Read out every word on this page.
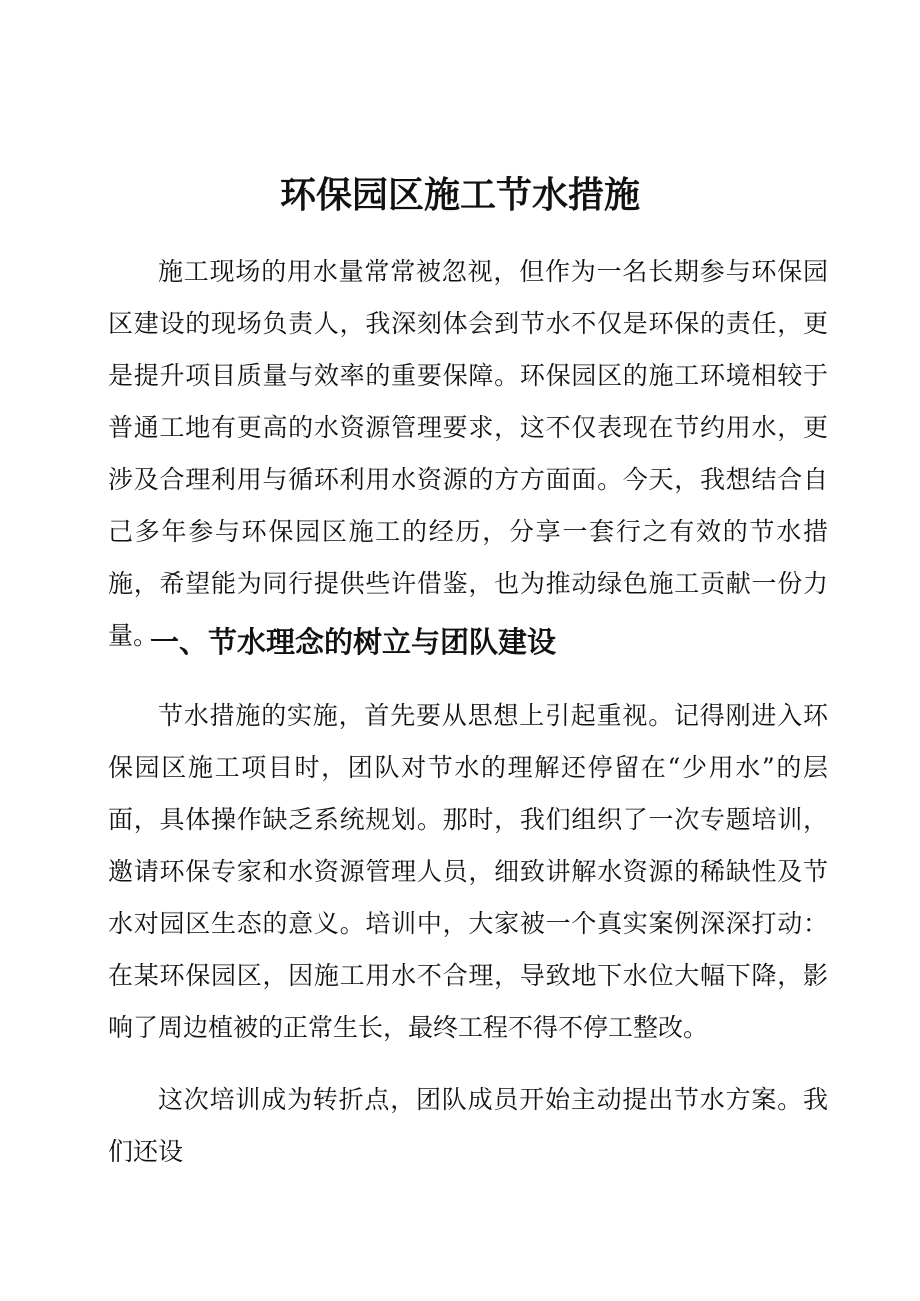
环保园区施工节水措施

施工现场的用水量常常被忽视，但作为一名长期参与环保园区建设的现场负责人，我深刻体会到节水不仅是环保的责任，更是提升项目质量与效率的重要保障。环保园区的施工环境相较于普通工地有更高的水资源管理要求，这不仅表现在节约用水，更涉及合理利用与循环利用水资源的方方面面。今天，我想结合自己多年参与环保园区施工的经历，分享一套行之有效的节水措施，希望能为同行提供些许借鉴，也为推动绿色施工贡献一份力量。

一、节水理念的树立与团队建设

节水措施的实施，首先要从思想上引起重视。记得刚进入环保园区施工项目时，团队对节水的理解还停留在“少用水”的层面，具体操作缺乏系统规划。那时，我们组织了一次专题培训，邀请环保专家和水资源管理人员，细致讲解水资源的稀缺性及节水对园区生态的意义。培训中，大家被一个真实案例深深打动：在某环保园区，因施工用水不合理，导致地下水位大幅下降，影响了周边植被的正常生长，最终工程不得不停工整改。

这次培训成为转折点，团队成员开始主动提出节水方案。我们还设
